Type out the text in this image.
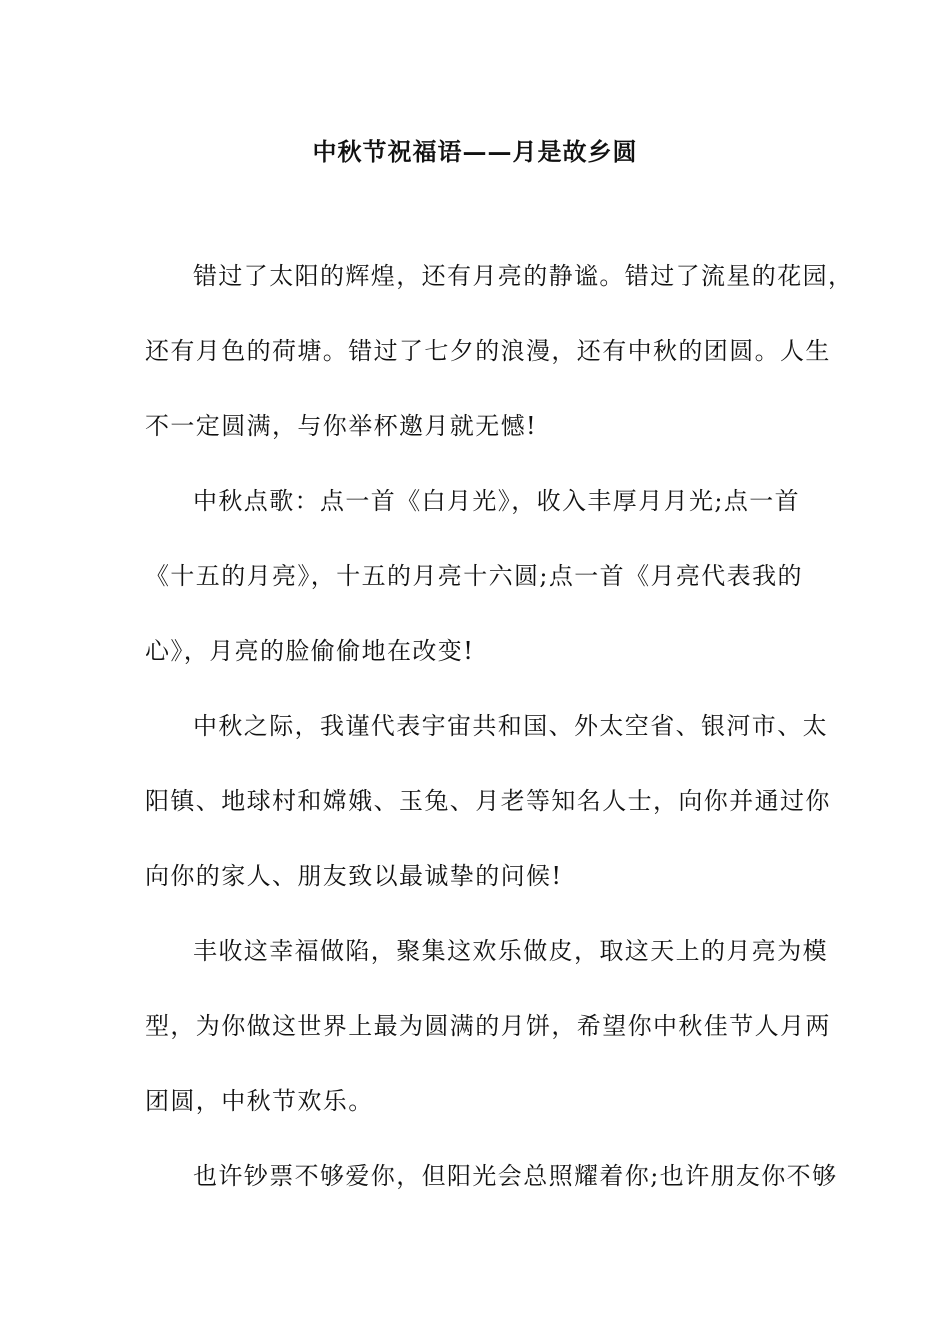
中秋节祝福语——月是故乡圆
错过了太阳的辉煌，还有月亮的静谧。错过了流星的花园，
还有月色的荷塘。错过了七夕的浪漫，还有中秋的团圆。人生
不一定圆满，与你举杯邀月就无憾!
中秋点歌：点一首《白月光》，收入丰厚月月光;点一首
《十五的月亮》，十五的月亮十六圆;点一首《月亮代表我的
心》，月亮的脸偷偷地在改变!
中秋之际，我谨代表宇宙共和国、外太空省、银河市、太
阳镇、地球村和嫦娥、玉兔、月老等知名人士，向你并通过你
向你的家人、朋友致以最诚挚的问候!
丰收这幸福做陷，聚集这欢乐做皮，取这天上的月亮为模
型，为你做这世界上最为圆满的月饼，希望你中秋佳节人月两
团圆，中秋节欢乐。
也许钞票不够爱你，但阳光会总照耀着你;也许朋友你不够
